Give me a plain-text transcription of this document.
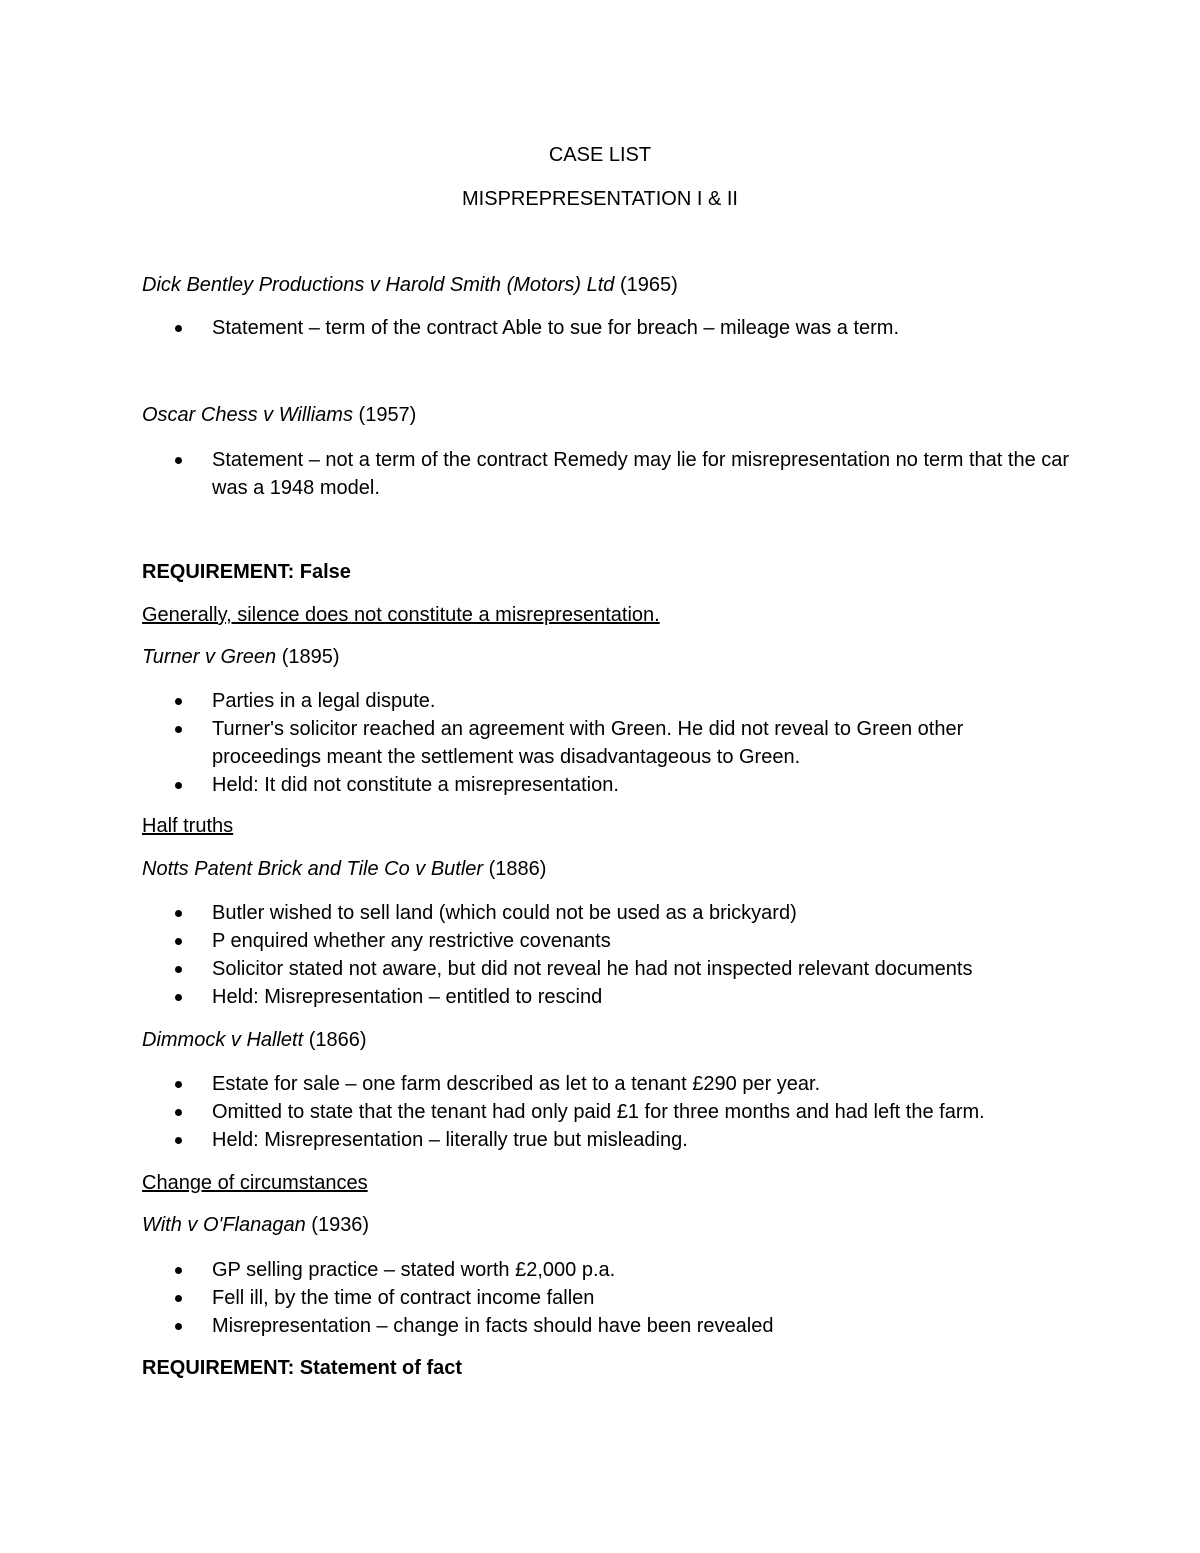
CASE LIST
MISPREPRESENTATION I & II
Dick Bentley Productions v Harold Smith (Motors) Ltd (1965)
Statement – term of the contract Able to sue for breach – mileage was a term.
Oscar Chess v Williams (1957)
Statement – not a term of the contract Remedy may lie for misrepresentation no term that the car was a 1948 model.
REQUIREMENT: False
Generally, silence does not constitute a misrepresentation.
Turner v Green (1895)
Parties in a legal dispute.
Turner's solicitor reached an agreement with Green. He did not reveal to Green other proceedings meant the settlement was disadvantageous to Green.
Held: It did not constitute a misrepresentation.
Half truths
Notts Patent Brick and Tile Co v Butler (1886)
Butler wished to sell land (which could not be used as a brickyard)
P enquired whether any restrictive covenants
Solicitor stated not aware, but did not reveal he had not inspected relevant documents
Held: Misrepresentation – entitled to rescind
Dimmock v Hallett (1866)
Estate for sale – one farm described as let to a tenant £290 per year.
Omitted to state that the tenant had only paid £1 for three months and had left the farm.
Held: Misrepresentation – literally true but misleading.
Change of circumstances
With v O'Flanagan (1936)
GP selling practice – stated worth £2,000 p.a.
Fell ill, by the time of contract income fallen
Misrepresentation – change in facts should have been revealed
REQUIREMENT: Statement of fact
